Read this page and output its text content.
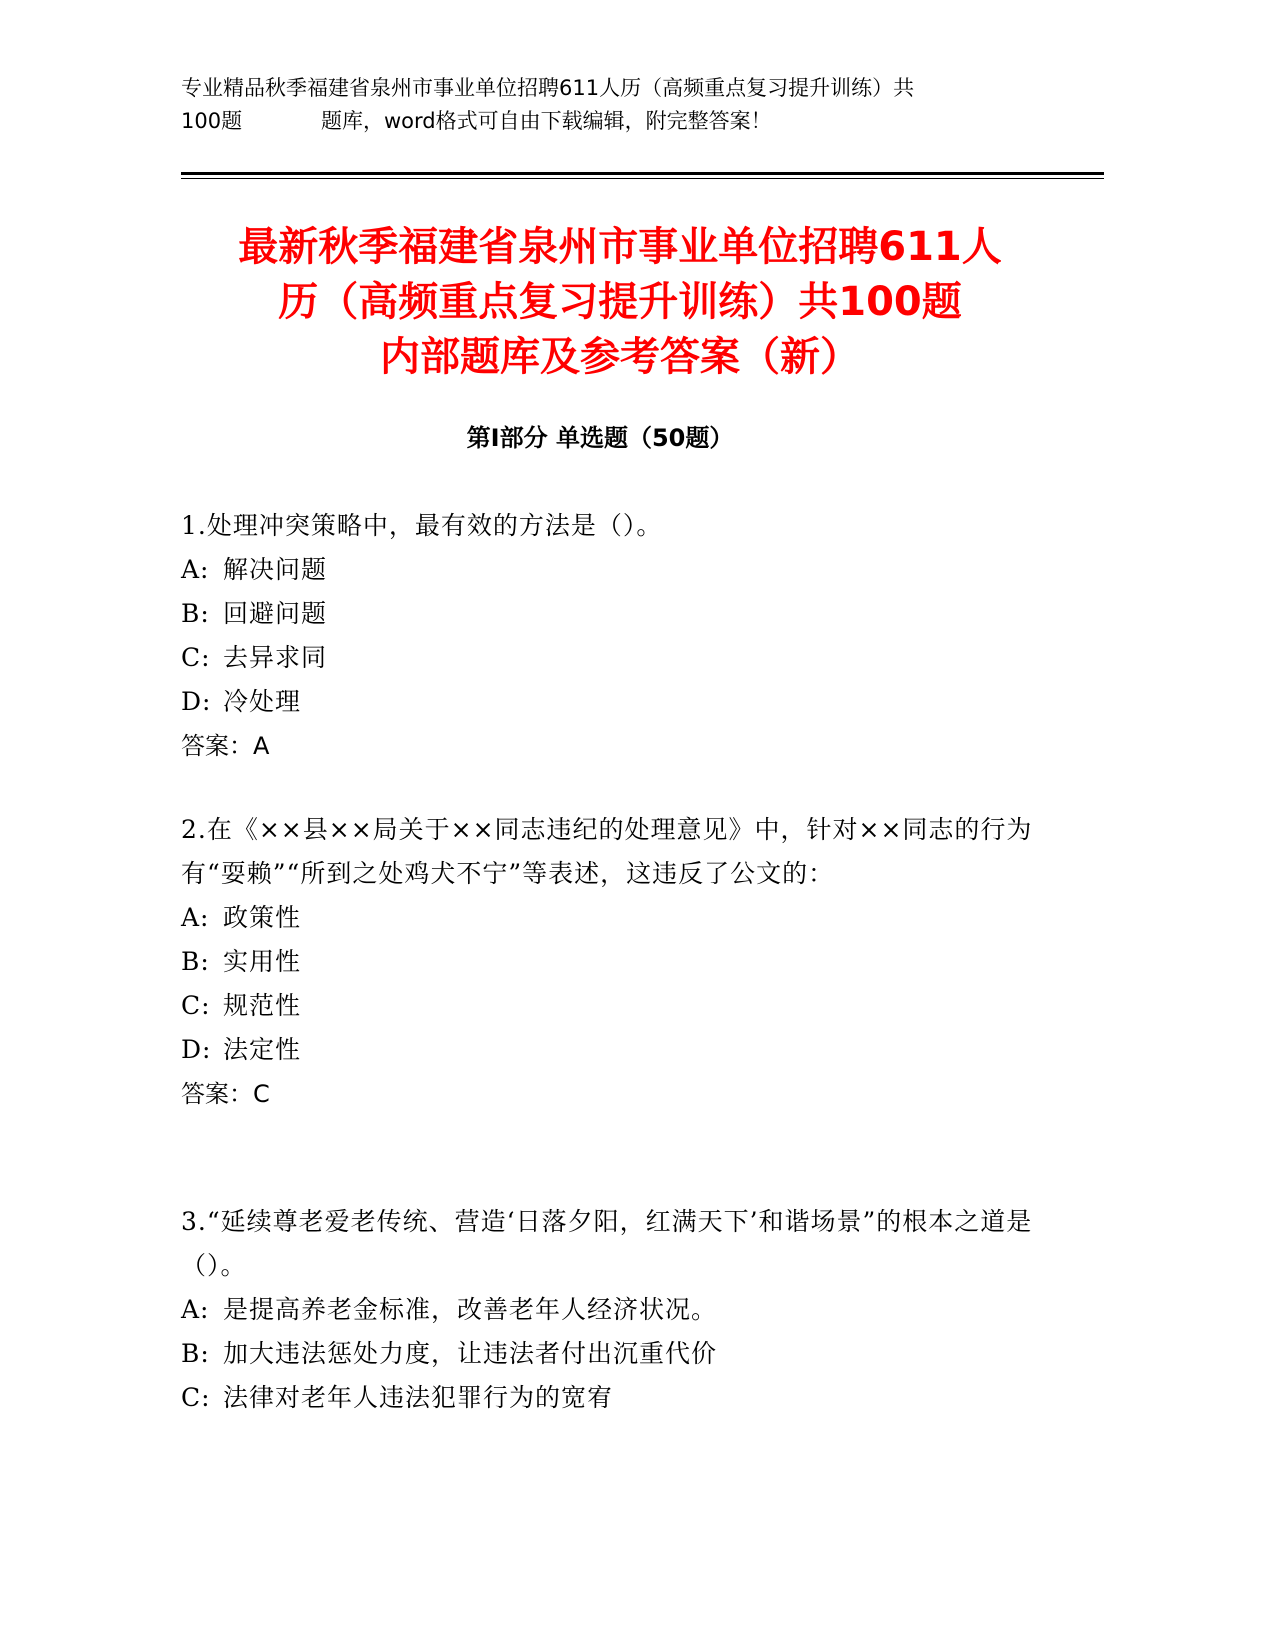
专业精品秋季福建省泉州市事业单位招聘611人历（高频重点复习提升训练）共
100题	题库，word格式可自由下载编辑，附完整答案！
最新秋季福建省泉州市事业单位招聘611人
历（高频重点复习提升训练）共100题
内部题库及参考答案（新）
第Ⅰ部分 单选题（50题）
1.处理冲突策略中，最有效的方法是（）。
A: 解决问题
B: 回避问题
C: 去异求同
D: 冷处理
答案：A
2.在《××县××局关于××同志违纪的处理意见》中，针对××同志的行为有“耍赖”“所到之处鸡犬不宁”等表述，这违反了公文的：
A: 政策性
B: 实用性
C: 规范性
D: 法定性
答案：C
3.“延续尊老爱老传统、营造‘日落夕阳，红满天下’和谐场景”的根本之道是（）。
A: 是提高养老金标准，改善老年人经济状况。
B: 加大违法惩处力度，让违法者付出沉重代价
C: 法律对老年人违法犯罪行为的宽宥
